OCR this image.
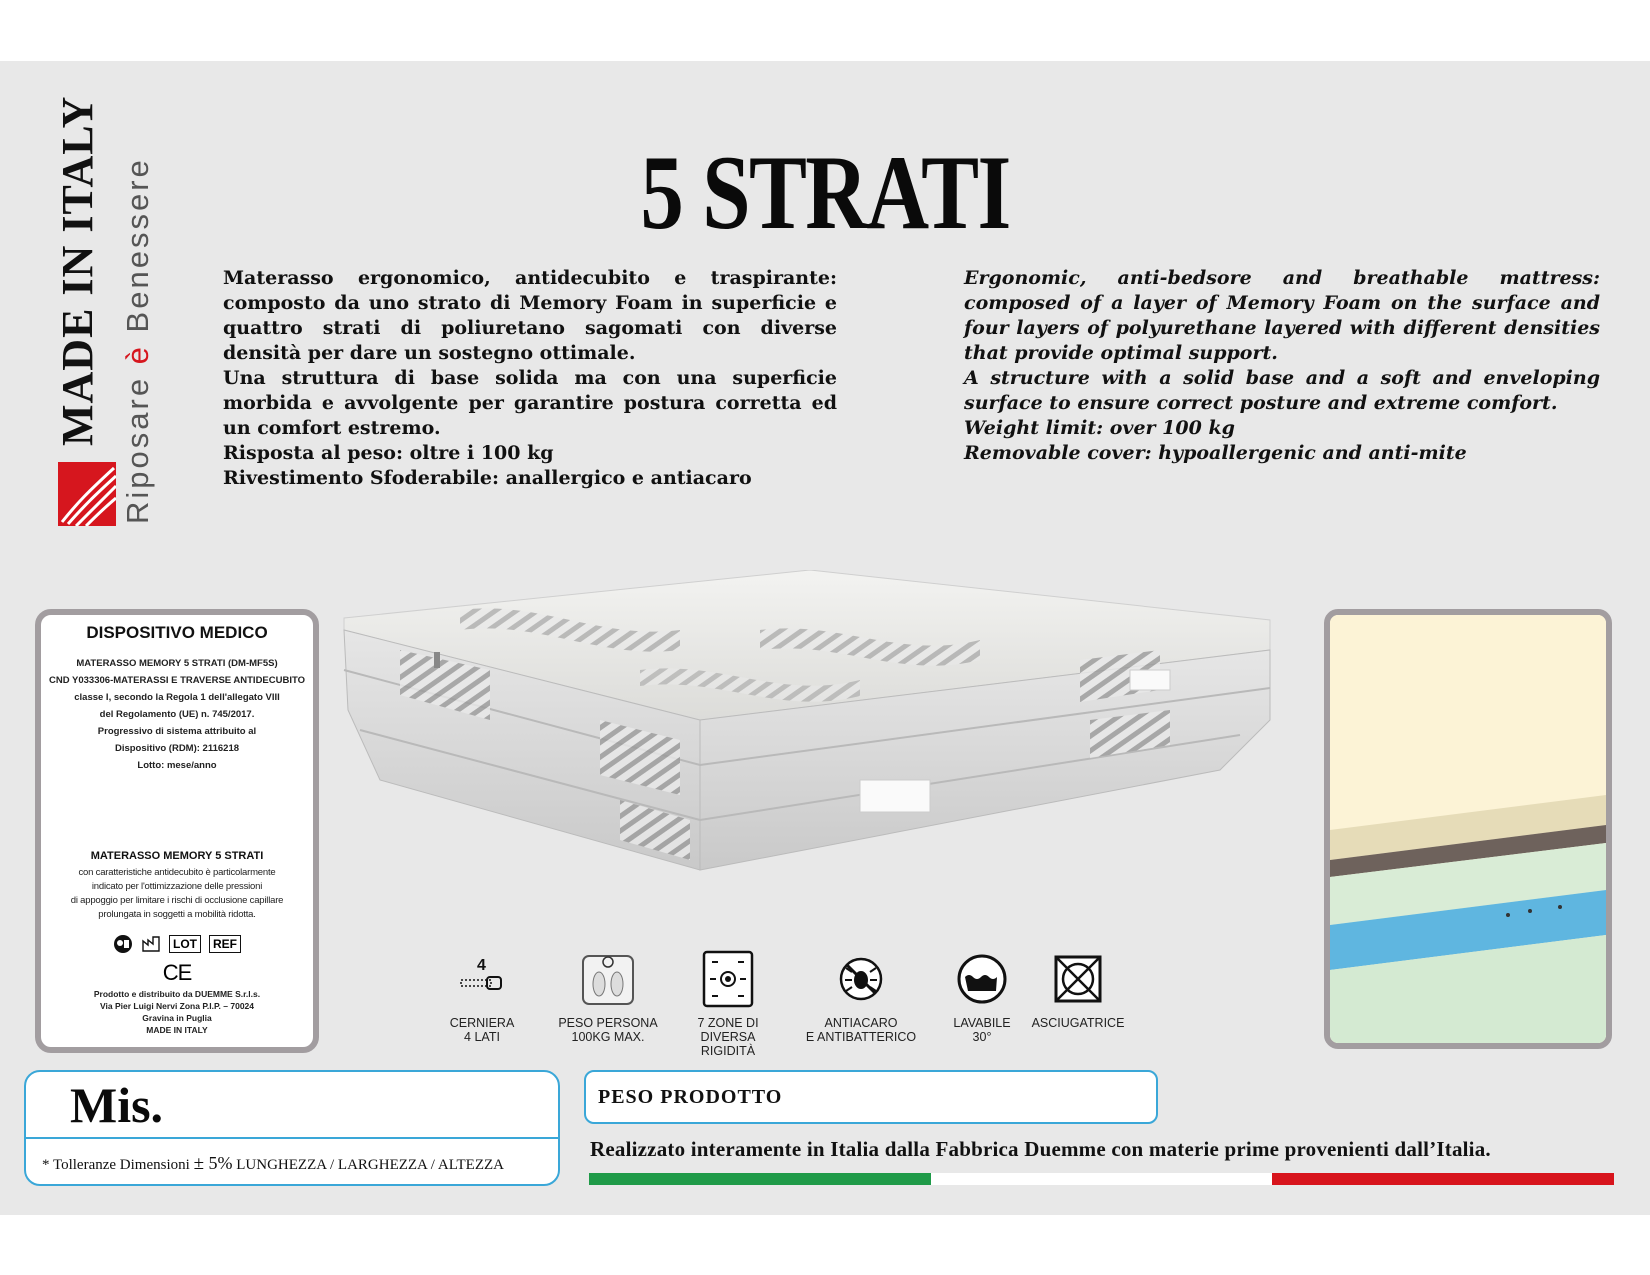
MADE IN ITALY Riposare è Benessere	5 STRATI

Materasso ergonomico, antidecubito e traspirante: composto da uno strato di Memory Foam in superficie e quattro strati di poliuretano sagomati con diverse densità per dare un sostegno ottimale.

Una struttura di base solida ma con una superficie morbida e avvolgente per garantire postura corretta ed un comfort estremo.

Risposta al peso: oltre i 100 kg

Rivestimento Sfoderabile: anallergico e antiacaro

Ergonomic, anti-bedsore and breathable mattress: composed of a layer of Memory Foam on the surface and four layers of polyurethane layered with different densities that provide optimal support.

A structure with a solid base and a soft and enveloping surface to ensure correct posture and extreme comfort.

Weight limit: over 100 kg

Removable cover: hypoallergenic and anti-mite

DISPOSITIVO MEDICO
MATERASSO MEMORY 5 STRATI (DM-MF5S)
CND Y033306-MATERASSI E TRAVERSE ANTIDECUBITO
classe I, secondo la Regola 1 dell'allegato VIII
del Regolamento (UE) n. 745/2017.
Progressivo di sistema attribuito al
Dispositivo (RDM): 2116218
Lotto: mese/anno
MATERASSO MEMORY 5 STRATI
con caratteristiche antidecubito è particolarmente
indicato per l'ottimizzazione delle pressioni
di appoggio per limitare i rischi di occlusione capillare
prolungata in soggetti a mobilità ridotta.
LOT	REF
CE
Prodotto e distribuito da DUEMME S.r.l.s.
Via Pier Luigi Nervi Zona P.I.P. – 70024
Gravina in Puglia
MADE IN ITALY
4
CERNIERA
4 LATI
PESO PERSONA
100KG MAX.
7 ZONE DI
DIVERSA
RIGIDITÀ
ANTIACARO
E ANTIBATTERICO
LAVABILE
30°
ASCIUGATRICE
Mis.
* Tolleranze Dimensioni ± 5% LUNGHEZZA / LARGHEZZA / ALTEZZA
PESO PRODOTTO
Realizzato interamente in Italia dalla Fabbrica Duemme con materie prime provenienti dall’Italia.
